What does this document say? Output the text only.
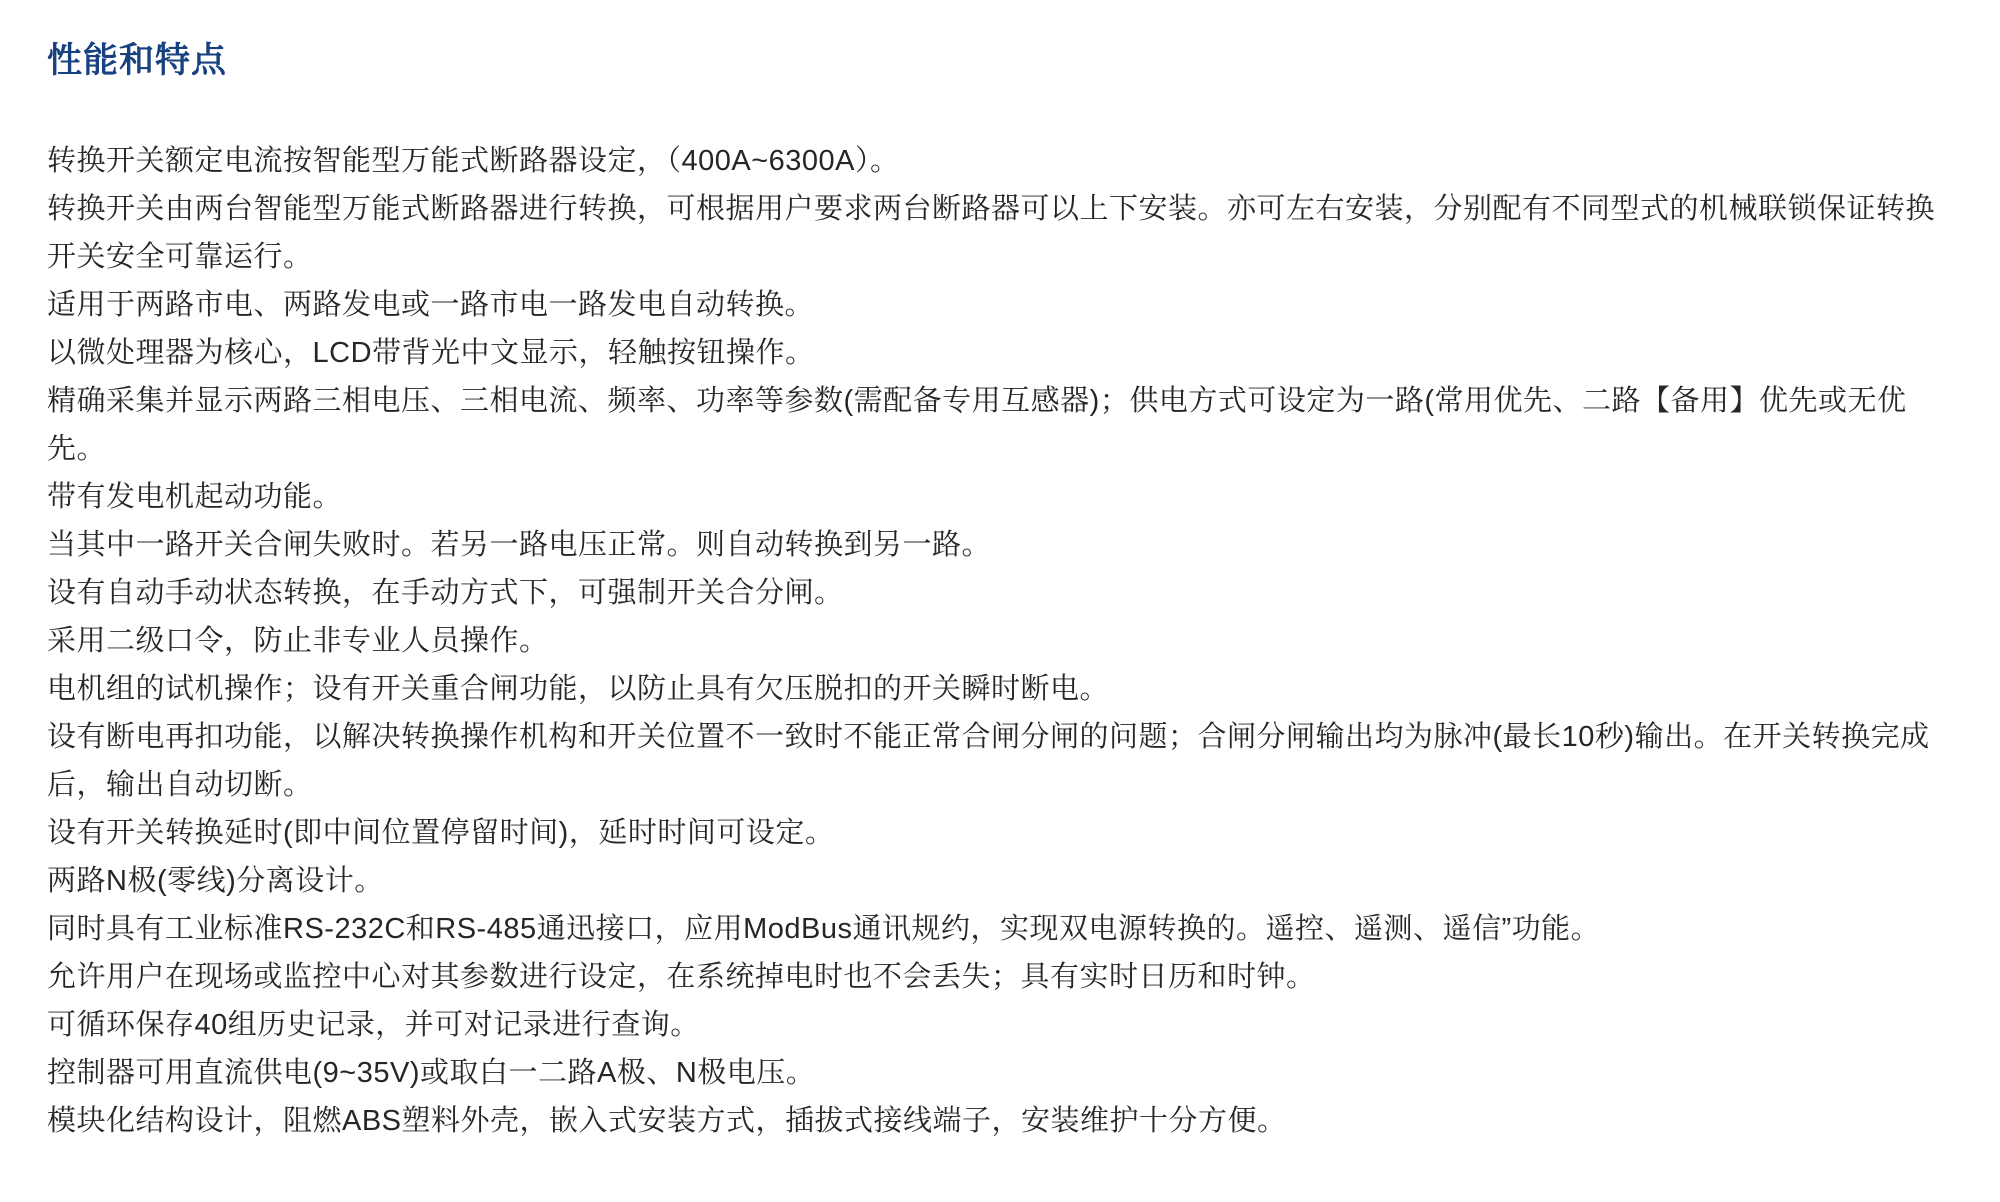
性能和特点

转换开关额定电流按智能型万能式断路器设定，（400A~6300A）。

转换开关由两台智能型万能式断路器进行转换，可根据用户要求两台断路器可以上下安装。亦可左右安装，分别配有不同型式的机械联锁保证转换开关安全可靠运行。

适用于两路市电、两路发电或一路市电一路发电自动转换。

以微处理器为核心，LCD带背光中文显示，轻触按钮操作。

精确采集并显示两路三相电压、三相电流、频率、功率等参数(需配备专用互感器)；供电方式可设定为一路(常用优先、二路【备用】优先或无优先。

带有发电机起动功能。

当其中一路开关合闸失败时。若另一路电压正常。则自动转换到另一路。

设有自动手动状态转换，在手动方式下，可强制开关合分闸。

采用二级口令，防止非专业人员操作。

电机组的试机操作；设有开关重合闸功能，以防止具有欠压脱扣的开关瞬时断电。

设有断电再扣功能，以解决转换操作机构和开关位置不一致时不能正常合闸分闸的问题；合闸分闸输出均为脉冲(最长10秒)输出。在开关转换完成后，输出自动切断。

设有开关转换延时(即中间位置停留时间)，延时时间可设定。

两路N极(零线)分离设计。

同时具有工业标准RS-232C和RS-485通迅接口，应用ModBus通讯规约，实现双电源转换的。遥控、遥测、遥信”功能。

允许用户在现场或监控中心对其参数进行设定，在系统掉电时也不会丢失；具有实时日历和时钟。

可循环保存40组历史记录，并可对记录进行查询。

控制器可用直流供电(9~35V)或取白一二路A极、N极电压。

模块化结构设计，阻燃ABS塑料外壳，嵌入式安装方式，插拔式接线端子，安装维护十分方便。
